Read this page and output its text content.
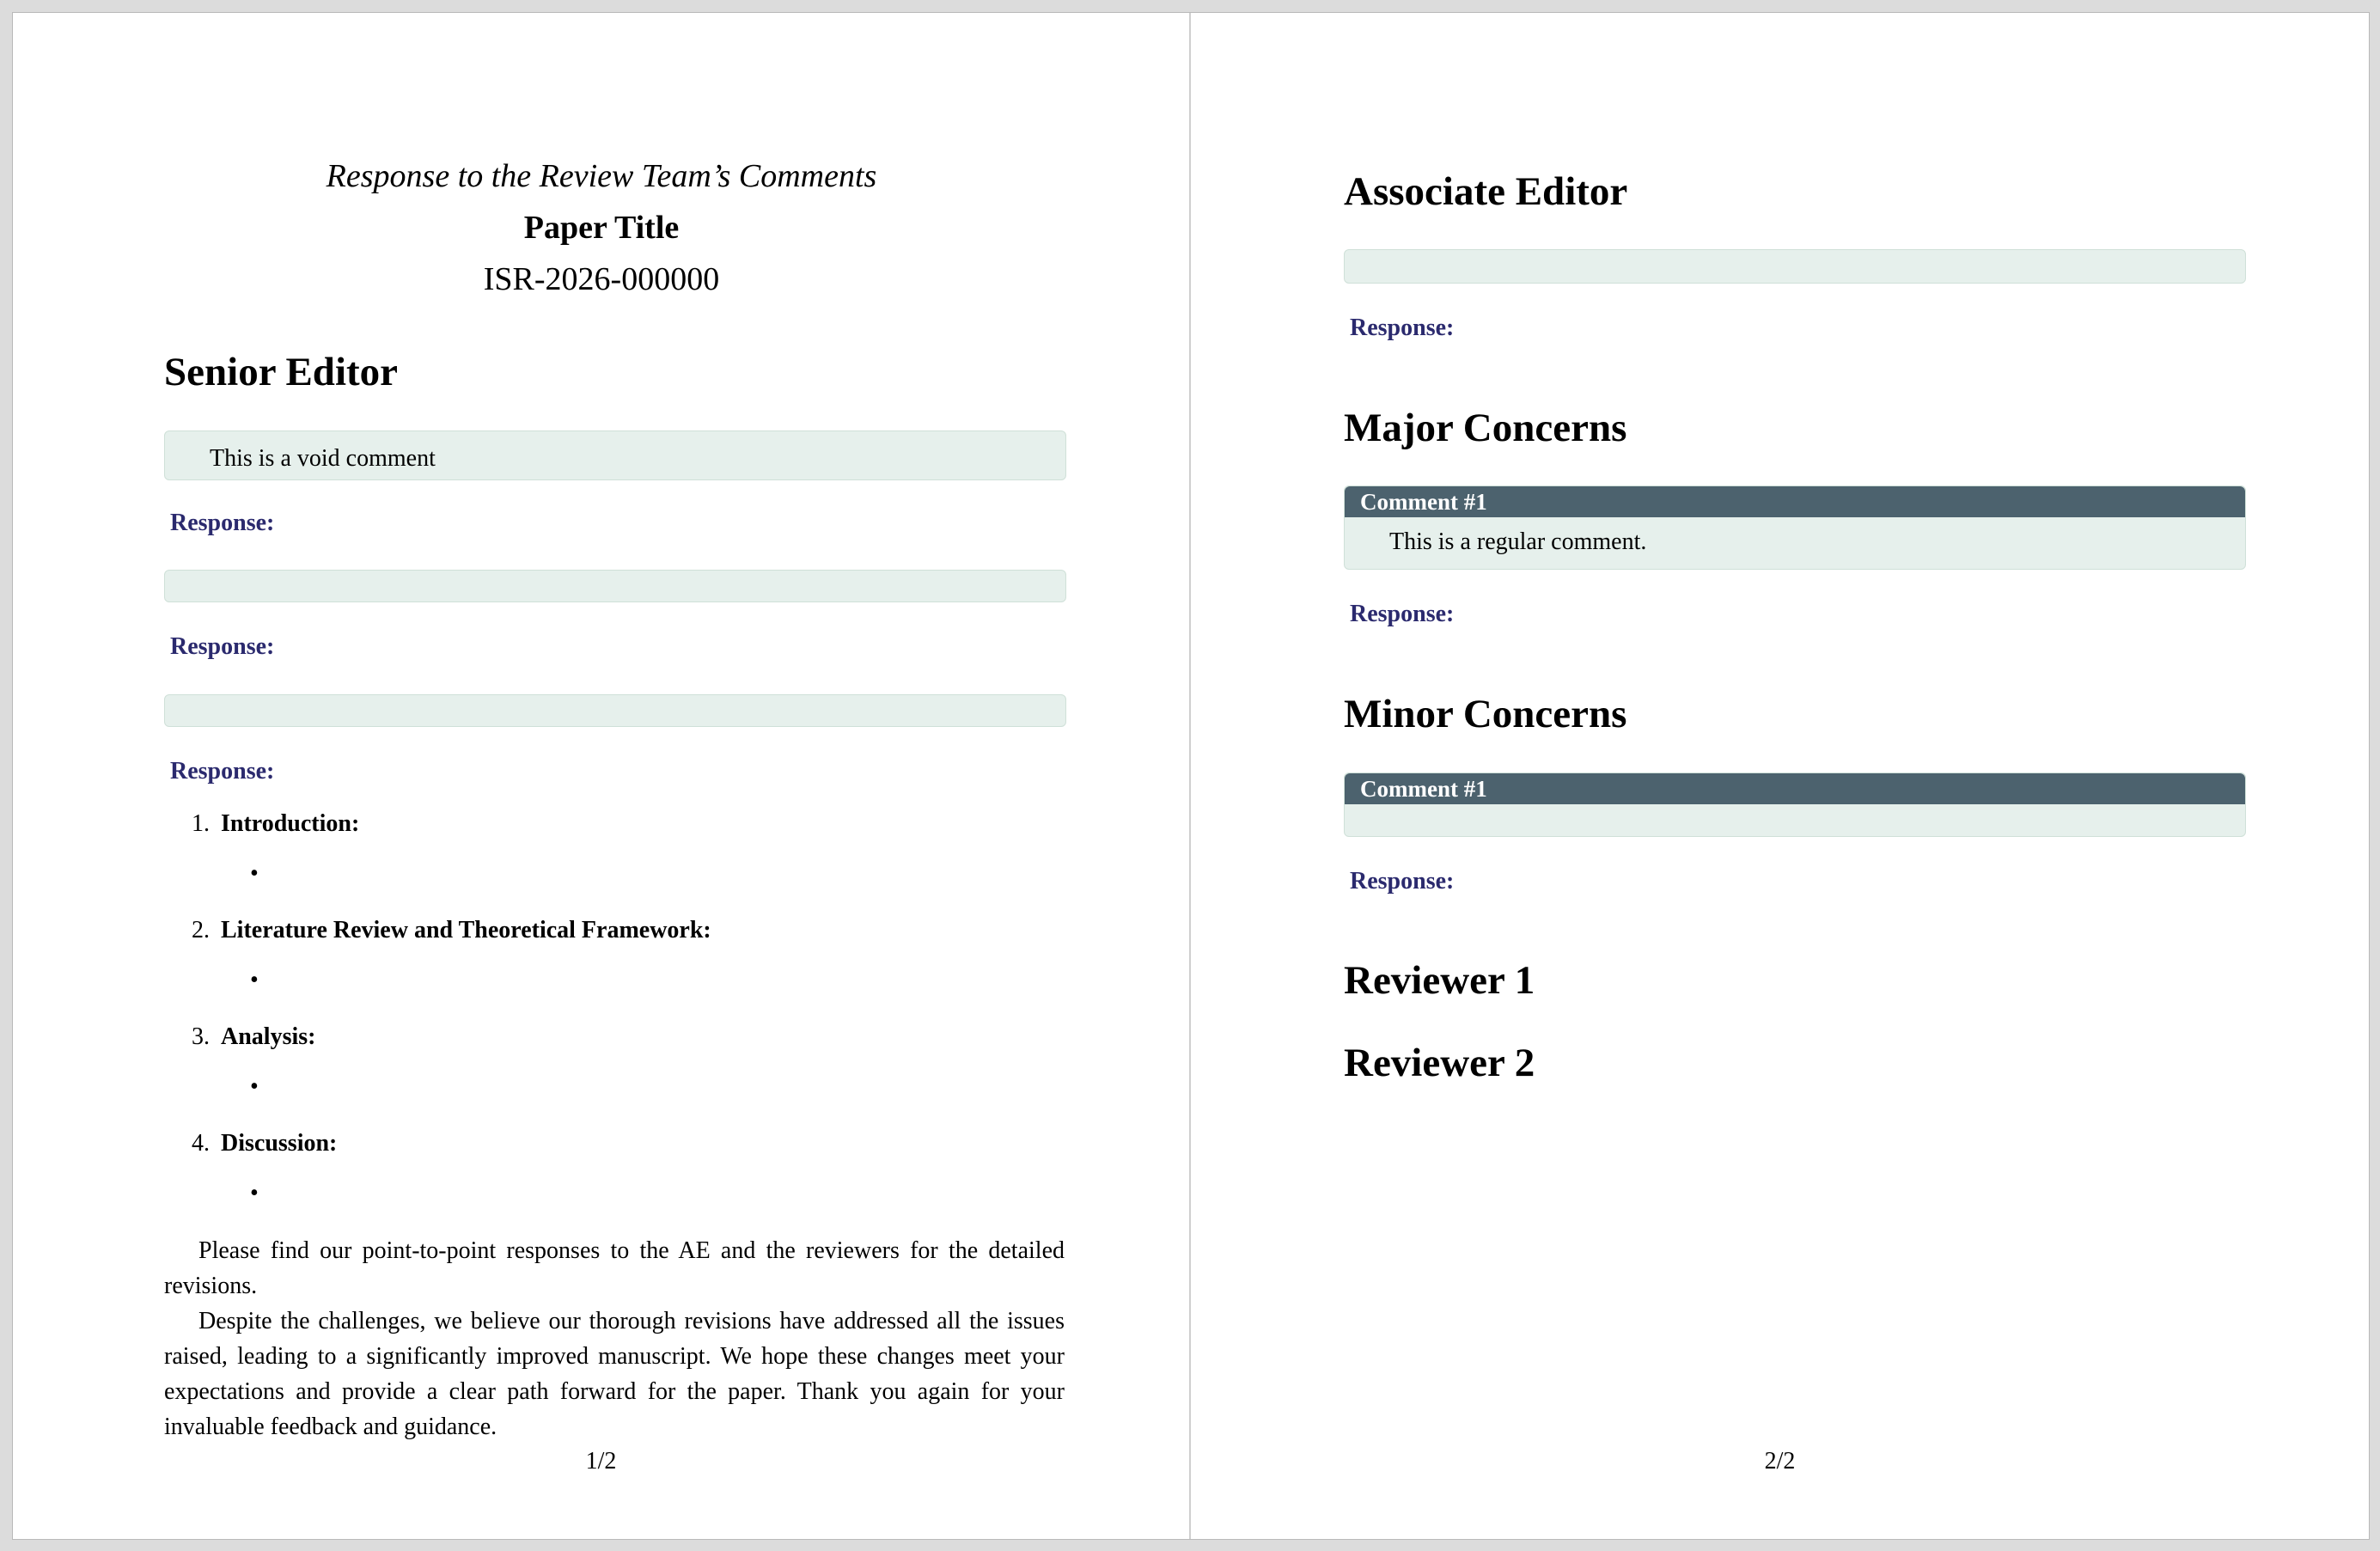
Response to the Review Team’s Comments
Paper Title
ISR-2026-000000
Senior Editor
This is a void comment
Response:
Response:
Response:
1. Introduction:
•
2. Literature Review and Theoretical Framework:
•
3. Analysis:
•
4. Discussion:
•

Please find our point-to-point responses to the AE and the reviewers for the detailed revisions.

Despite the challenges, we believe our thorough revisions have addressed all the issues raised, leading to a significantly improved manuscript. We hope these changes meet your expectations and provide a clear path forward for the paper. Thank you again for your invaluable feedback and guidance.

1/2
Associate Editor
Response:
Major Concerns
Comment #1
This is a regular comment.
Response:
Minor Concerns
Comment #1
Response:
Reviewer 1
Reviewer 2
2/2
